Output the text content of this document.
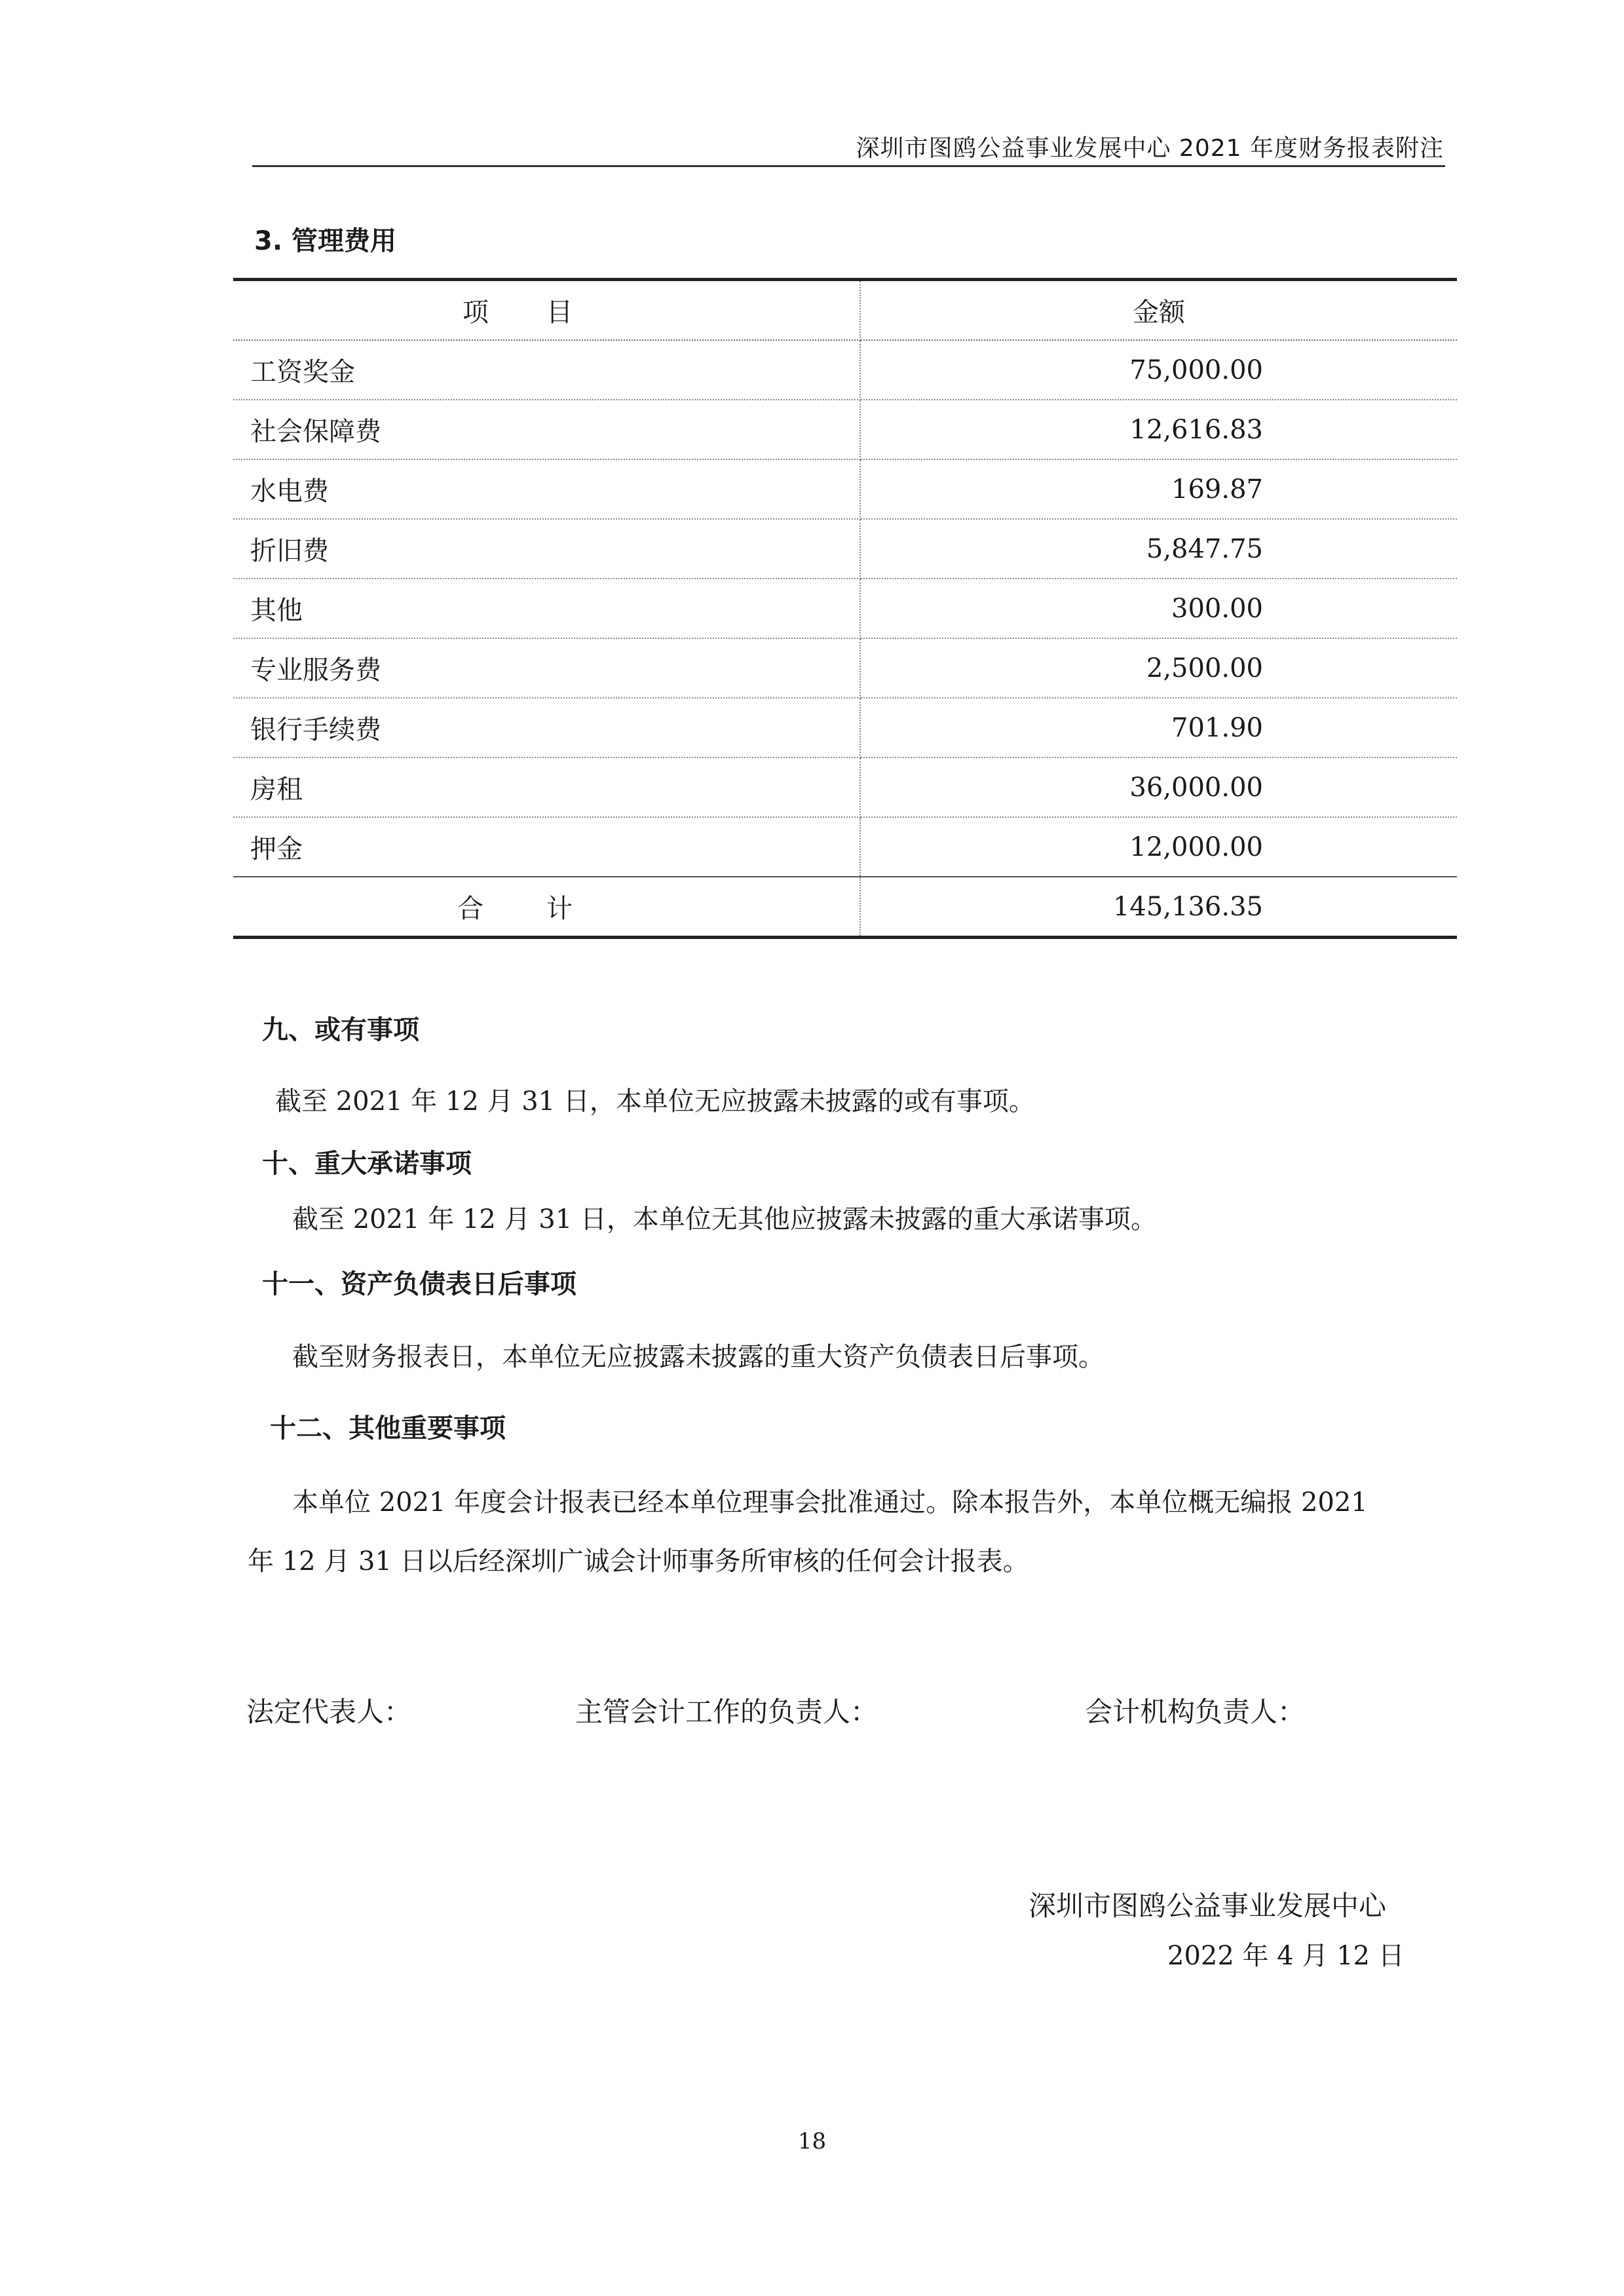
深圳市图鸥公益事业发展中心 2021 年度财务报表附注
3. 管理费用
项目	金额
工资奖金	75,000.00
社会保障费	12,616.83
水电费	169.87
折旧费	5,847.75
其他	300.00
专业服务费	2,500.00
银行手续费	701.90
房租	36,000.00
押金	12,000.00
合计	145,136.35
九、或有事项
截至 2021 年 12 月 31 日，本单位无应披露未披露的或有事项。
十、重大承诺事项
截至 2021 年 12 月 31 日，本单位无其他应披露未披露的重大承诺事项。
十一、资产负债表日后事项
截至财务报表日，本单位无应披露未披露的重大资产负债表日后事项。
十二、其他重要事项
本单位 2021 年度会计报表已经本单位理事会批准通过。除本报告外，本单位概无编报 2021
年 12 月 31 日以后经深圳广诚会计师事务所审核的任何会计报表。
法定代表人：	主管会计工作的负责人：	会计机构负责人：
深圳市图鸥公益事业发展中心
2022 年 4 月 12 日
18
